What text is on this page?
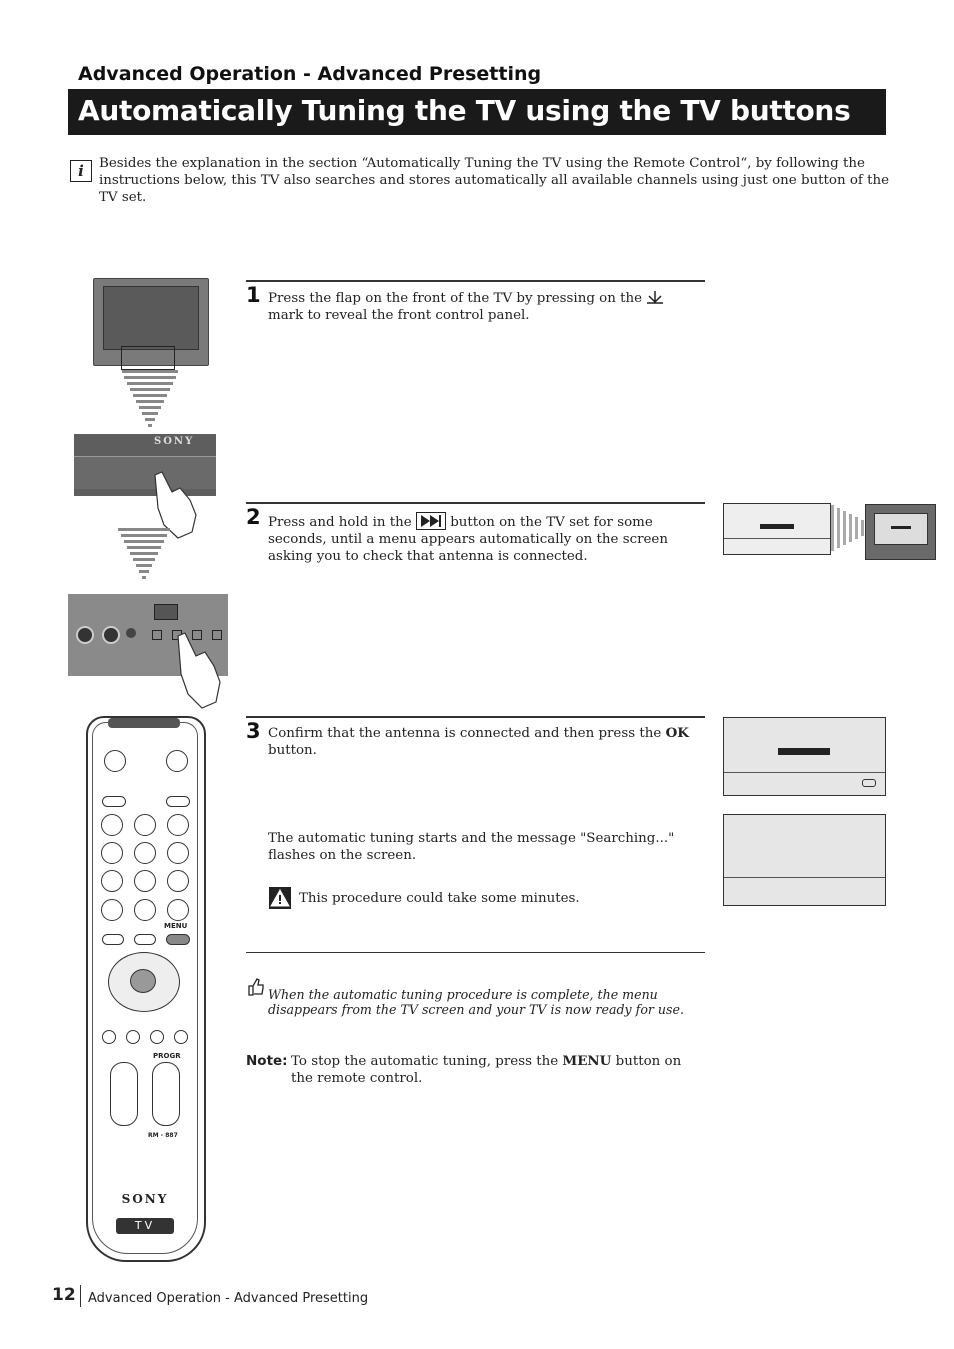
Advanced Operation - Advanced Presetting
Automatically Tuning the TV using the TV buttons
i	Besides the explanation in the section “Automatically Tuning the TV using the Remote Control“, by following the instructions below, this TV also searches and stores automatically all available channels using just one button of the TV set.
SONY
MENU
PROGR
RM - 887
SONY
TV
1 Press the flap on the front of the TV by pressing on the  mark to reveal the front control panel.
2 Press and hold in the	button on the TV set for some seconds, until a menu appears automatically on the screen asking you to check that antenna is connected.
3 Confirm that the antenna is connected and then press the OK button.
The automatic tuning starts and the message "Searching..." flashes on the screen.
This procedure could take some minutes.
When the automatic tuning procedure is complete, the menu disappears from the TV screen and your TV is now ready for use.
Note: To stop the automatic tuning, press the MENU button on the remote control.
12 Advanced Operation - Advanced Presetting
